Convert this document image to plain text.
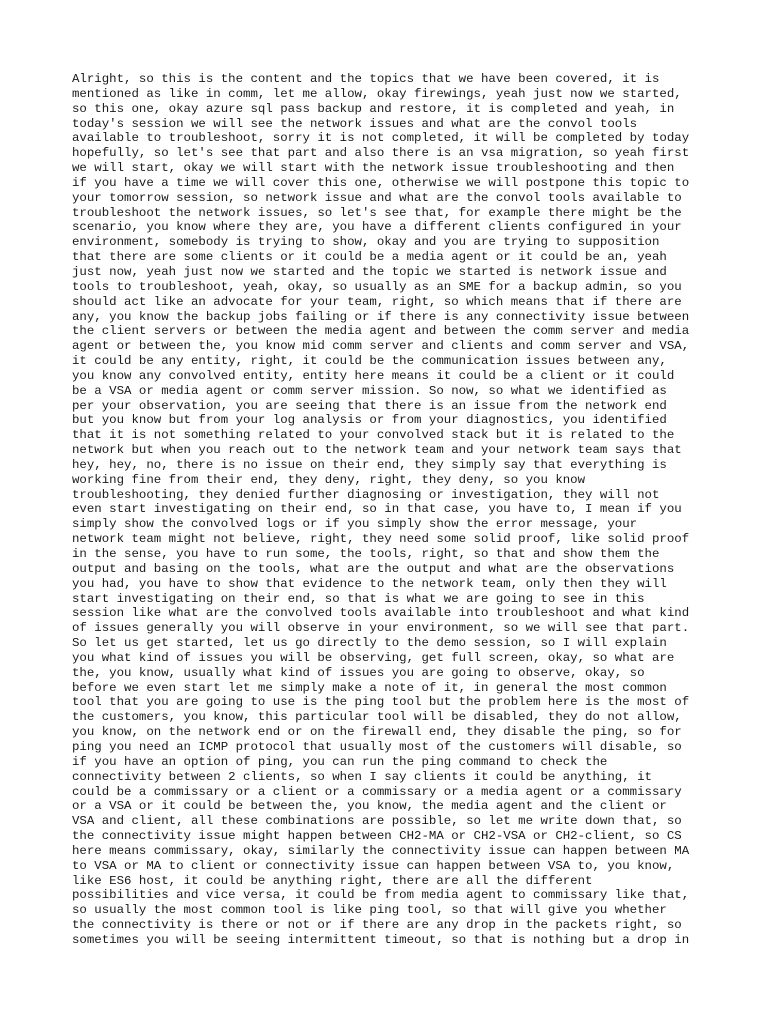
Alright, so this is the content and the topics that we have been covered, it is
mentioned as like in comm, let me allow, okay firewings, yeah just now we started,
so this one, okay azure sql pass backup and restore, it is completed and yeah, in
today's session we will see the network issues and what are the convol tools
available to troubleshoot, sorry it is not completed, it will be completed by today
hopefully, so let's see that part and also there is an vsa migration, so yeah first
we will start, okay we will start with the network issue troubleshooting and then
if you have a time we will cover this one, otherwise we will postpone this topic to
your tomorrow session, so network issue and what are the convol tools available to
troubleshoot the network issues, so let's see that, for example there might be the
scenario, you know where they are, you have a different clients configured in your
environment, somebody is trying to show, okay and you are trying to supposition
that there are some clients or it could be a media agent or it could be an, yeah
just now, yeah just now we started and the topic we started is network issue and
tools to troubleshoot, yeah, okay, so usually as an SME for a backup admin, so you
should act like an advocate for your team, right, so which means that if there are
any, you know the backup jobs failing or if there is any connectivity issue between
the client servers or between the media agent and between the comm server and media
agent or between the, you know mid comm server and clients and comm server and VSA,
it could be any entity, right, it could be the communication issues between any,
you know any convolved entity, entity here means it could be a client or it could
be a VSA or media agent or comm server mission. So now, so what we identified as
per your observation, you are seeing that there is an issue from the network end
but you know but from your log analysis or from your diagnostics, you identified
that it is not something related to your convolved stack but it is related to the
network but when you reach out to the network team and your network team says that
hey, hey, no, there is no issue on their end, they simply say that everything is
working fine from their end, they deny, right, they deny, so you know
troubleshooting, they denied further diagnosing or investigation, they will not
even start investigating on their end, so in that case, you have to, I mean if you
simply show the convolved logs or if you simply show the error message, your
network team might not believe, right, they need some solid proof, like solid proof
in the sense, you have to run some, the tools, right, so that and show them the
output and basing on the tools, what are the output and what are the observations
you had, you have to show that evidence to the network team, only then they will
start investigating on their end, so that is what we are going to see in this
session like what are the convolved tools available into troubleshoot and what kind
of issues generally you will observe in your environment, so we will see that part.
So let us get started, let us go directly to the demo session, so I will explain
you what kind of issues you will be observing, get full screen, okay, so what are
the, you know, usually what kind of issues you are going to observe, okay, so
before we even start let me simply make a note of it, in general the most common
tool that you are going to use is the ping tool but the problem here is the most of
the customers, you know, this particular tool will be disabled, they do not allow,
you know, on the network end or on the firewall end, they disable the ping, so for
ping you need an ICMP protocol that usually most of the customers will disable, so
if you have an option of ping, you can run the ping command to check the
connectivity between 2 clients, so when I say clients it could be anything, it
could be a commissary or a client or a commissary or a media agent or a commissary
or a VSA or it could be between the, you know, the media agent and the client or
VSA and client, all these combinations are possible, so let me write down that, so
the connectivity issue might happen between CH2-MA or CH2-VSA or CH2-client, so CS
here means commissary, okay, similarly the connectivity issue can happen between MA
to VSA or MA to client or connectivity issue can happen between VSA to, you know,
like ES6 host, it could be anything right, there are all the different
possibilities and vice versa, it could be from media agent to commissary like that,
so usually the most common tool is like ping tool, so that will give you whether
the connectivity is there or not or if there are any drop in the packets right, so
sometimes you will be seeing intermittent timeout, so that is nothing but a drop in
